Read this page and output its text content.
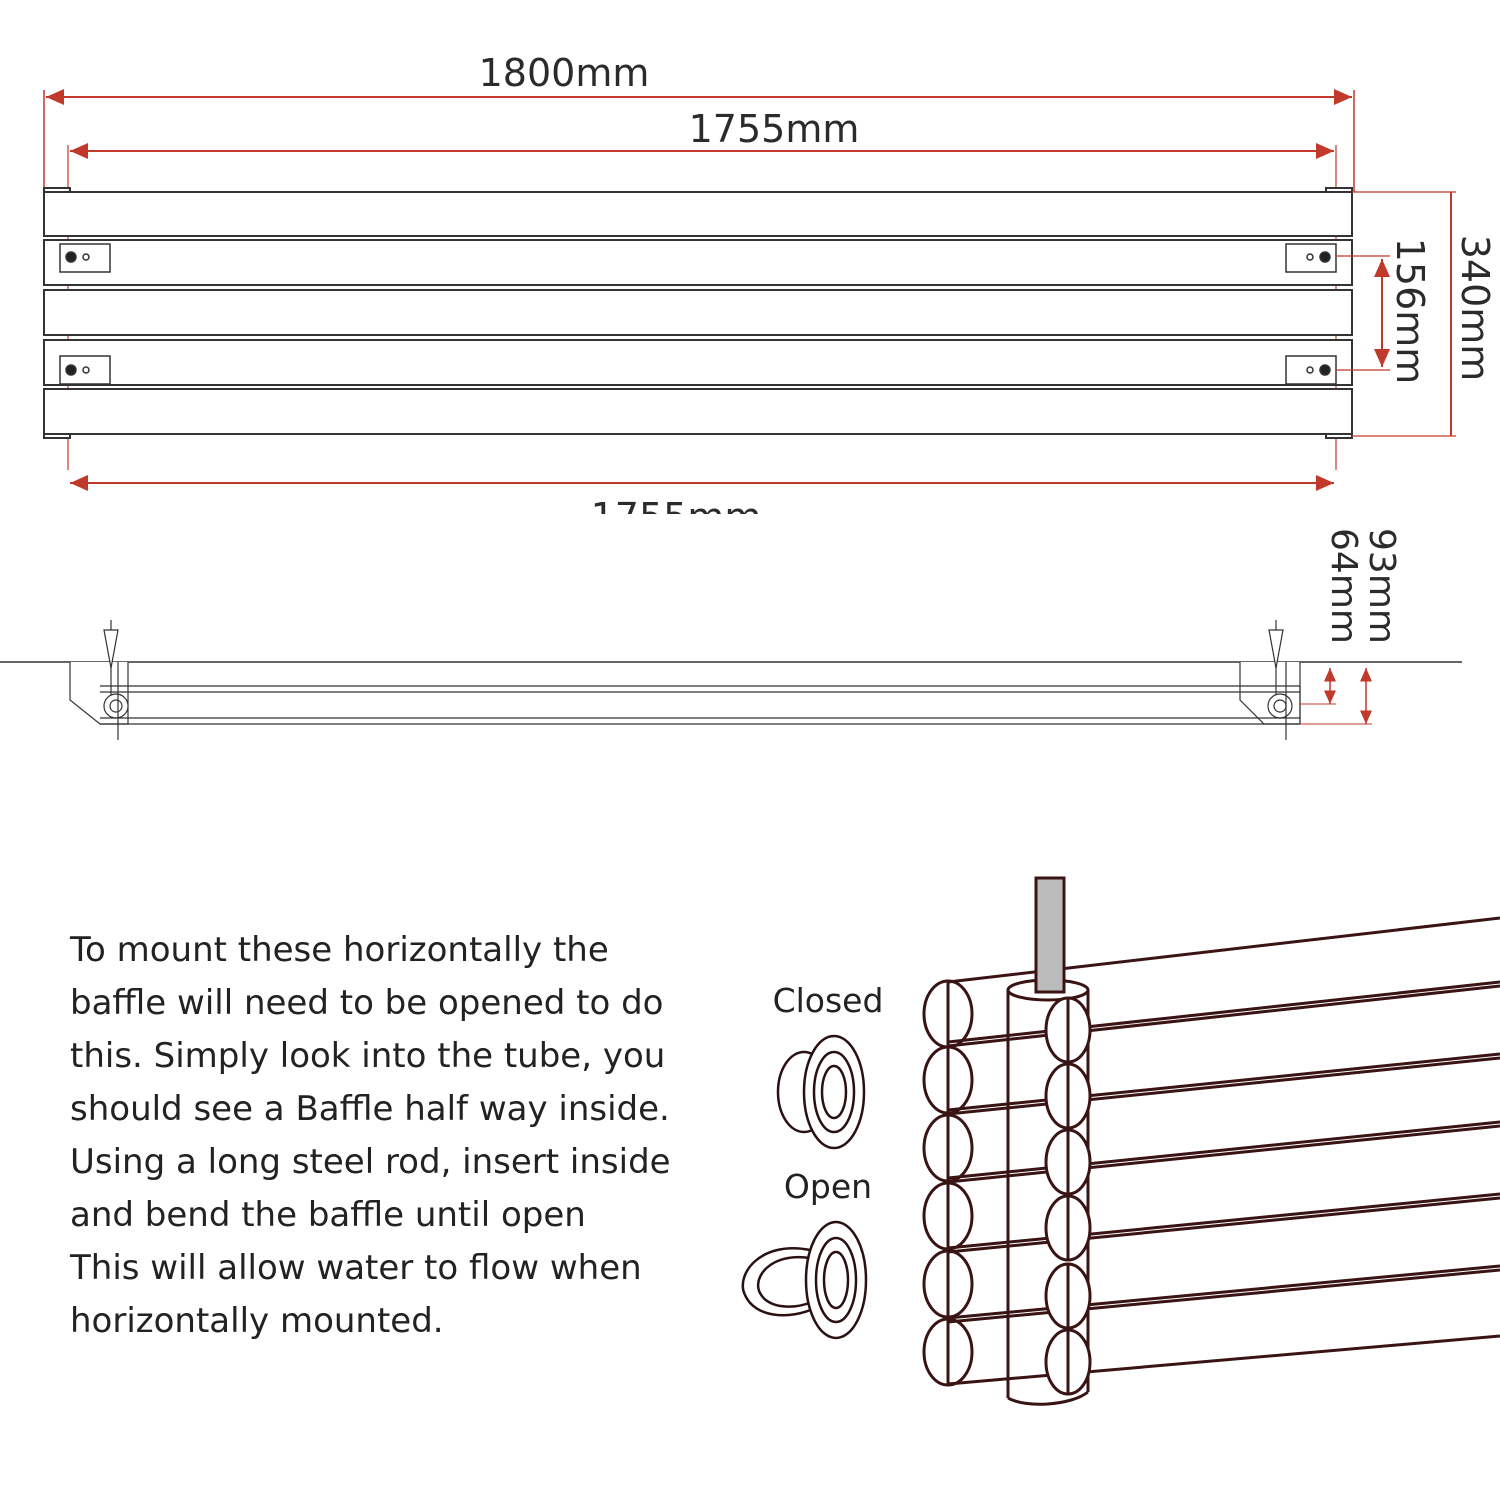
1800mm
1755mm
156mm 340mm
64mm
93mm
Closed
Open

To mount these horizontally the baffle will need to be opened to do this. Simply look into the tube, you should see a Baffle half way inside.

Using a long steel rod, insert inside and bend the baffle until open

This will allow water to flow when horizontally mounted.
